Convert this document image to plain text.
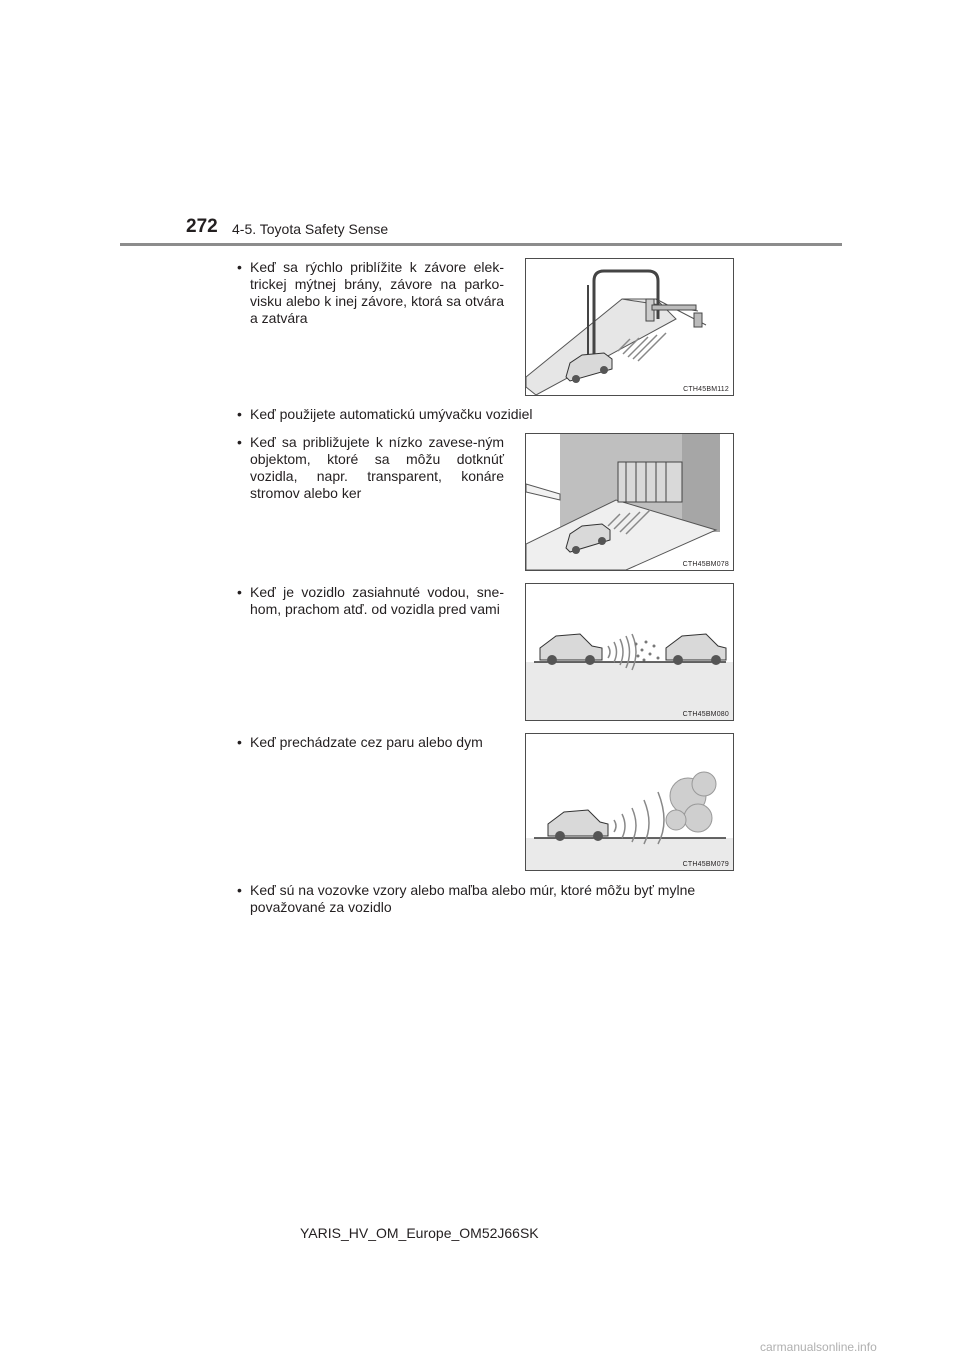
272 4-5. Toyota Safety Sense
• Keď sa rýchlo priblížite k závore elek-trickej mýtnej brány, závore na parko-visku alebo k inej závore, ktorá sa otvára a zatvára
CTH45BM112
• Keď použijete automatickú umývačku vozidiel
• Keď sa približujete k nízko zavese-ným objektom, ktoré sa môžu dotknúť vozidla, napr. transparent, konáre stromov alebo ker
CTH45BM078
• Keď je vozidlo zasiahnuté vodou, sne-hom, prachom atď. od vozidla pred vami
CTH45BM080
• Keď prechádzate cez paru alebo dym
CTH45BM079
• Keď sú na vozovke vzory alebo maľba alebo múr, ktoré môžu byť mylne považované za vozidlo
YARIS_HV_OM_Europe_OM52J66SK
carmanualsonline.info
